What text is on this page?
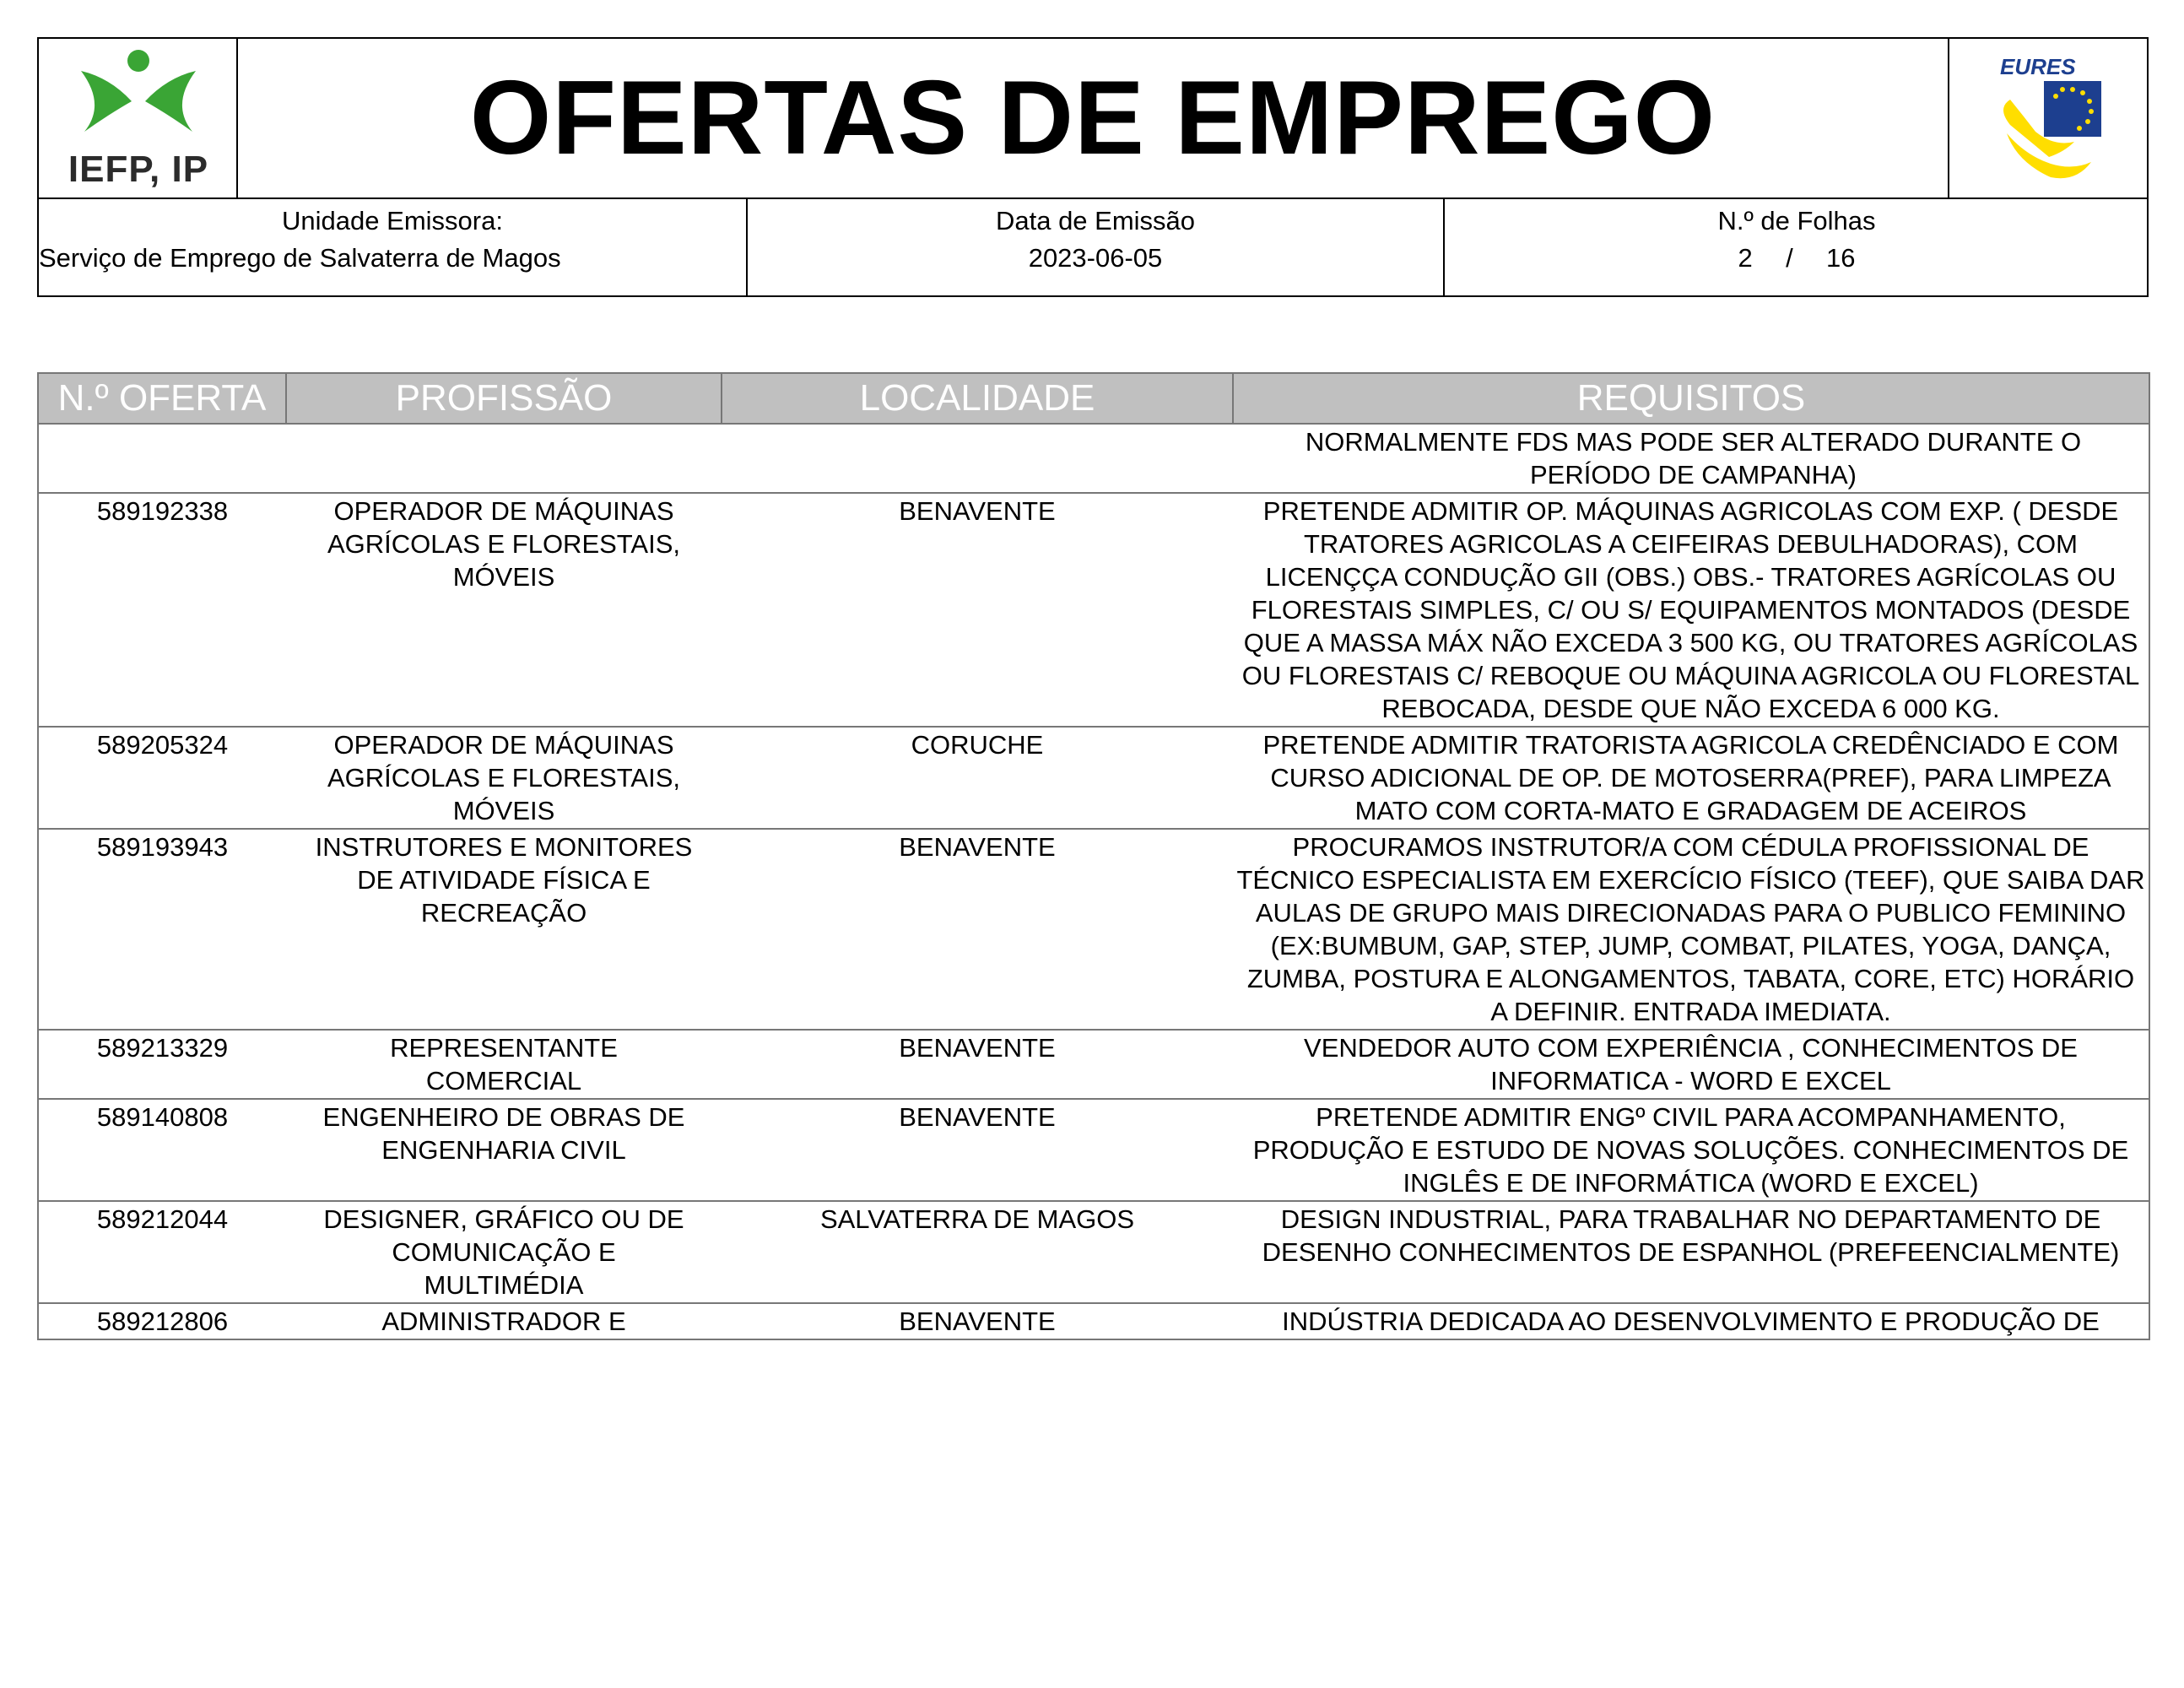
IEFP, IP	OFERTAS DE EMPREGO	EURES
Unidade Emissora:
Serviço de Emprego de Salvaterra de Magos
Data de Emissão
2023-06-05
N.º de Folhas
2 / 16
N.º OFERTA	PROFISSÃO	LOCALIDADE	REQUISITOS
			NORMALMENTE FDS MAS PODE SER ALTERADO DURANTE O PERÍODO DE CAMPANHA)
589192338	OPERADOR DE MÁQUINAS AGRÍCOLAS E FLORESTAIS, MÓVEIS	BENAVENTE	PRETENDE ADMITIR OP. MÁQUINAS AGRICOLAS COM EXP. ( DESDE TRATORES AGRICOLAS A CEIFEIRAS DEBULHADORAS), COM LICENÇÇA CONDUÇÃO GII (OBS.) OBS.- TRATORES AGRÍCOLAS OU FLORESTAIS SIMPLES, C/ OU S/ EQUIPAMENTOS MONTADOS (DESDE QUE A MASSA MÁX NÃO EXCEDA 3 500 KG, OU TRATORES AGRÍCOLAS OU FLORESTAIS C/ REBOQUE OU MÁQUINA AGRICOLA OU FLORESTAL REBOCADA, DESDE QUE NÃO EXCEDA 6 000 KG.
589205324	OPERADOR DE MÁQUINAS AGRÍCOLAS E FLORESTAIS, MÓVEIS	CORUCHE	PRETENDE ADMITIR TRATORISTA AGRICOLA CREDÊNCIADO E COM CURSO ADICIONAL DE OP. DE MOTOSERRA(PREF), PARA LIMPEZA MATO COM CORTA-MATO E GRADAGEM DE ACEIROS
589193943	INSTRUTORES E MONITORES DE ATIVIDADE FÍSICA E RECREAÇÃO	BENAVENTE	PROCURAMOS INSTRUTOR/A COM CÉDULA PROFISSIONAL DE TÉCNICO ESPECIALISTA EM EXERCÍCIO FÍSICO (TEEF), QUE SAIBA DAR AULAS DE GRUPO MAIS DIRECIONADAS PARA O PUBLICO FEMININO (EX:BUMBUM, GAP, STEP, JUMP, COMBAT, PILATES, YOGA, DANÇA, ZUMBA, POSTURA E ALONGAMENTOS, TABATA, CORE, ETC) HORÁRIO A DEFINIR. ENTRADA IMEDIATA.
589213329	REPRESENTANTE COMERCIAL	BENAVENTE	VENDEDOR AUTO COM EXPERIÊNCIA , CONHECIMENTOS DE INFORMATICA - WORD E EXCEL
589140808	ENGENHEIRO DE OBRAS DE ENGENHARIA CIVIL	BENAVENTE	PRETENDE ADMITIR ENGº CIVIL PARA ACOMPANHAMENTO, PRODUÇÃO E ESTUDO DE NOVAS SOLUÇÕES. CONHECIMENTOS DE INGLÊS E DE INFORMÁTICA (WORD E EXCEL)
589212044	DESIGNER, GRÁFICO OU DE COMUNICAÇÃO E MULTIMÉDIA	SALVATERRA DE MAGOS	DESIGN INDUSTRIAL, PARA TRABALHAR NO DEPARTAMENTO DE DESENHO CONHECIMENTOS DE ESPANHOL (PREFEENCIALMENTE)
589212806	ADMINISTRADOR E	BENAVENTE	INDÚSTRIA DEDICADA AO DESENVOLVIMENTO E PRODUÇÃO DE
